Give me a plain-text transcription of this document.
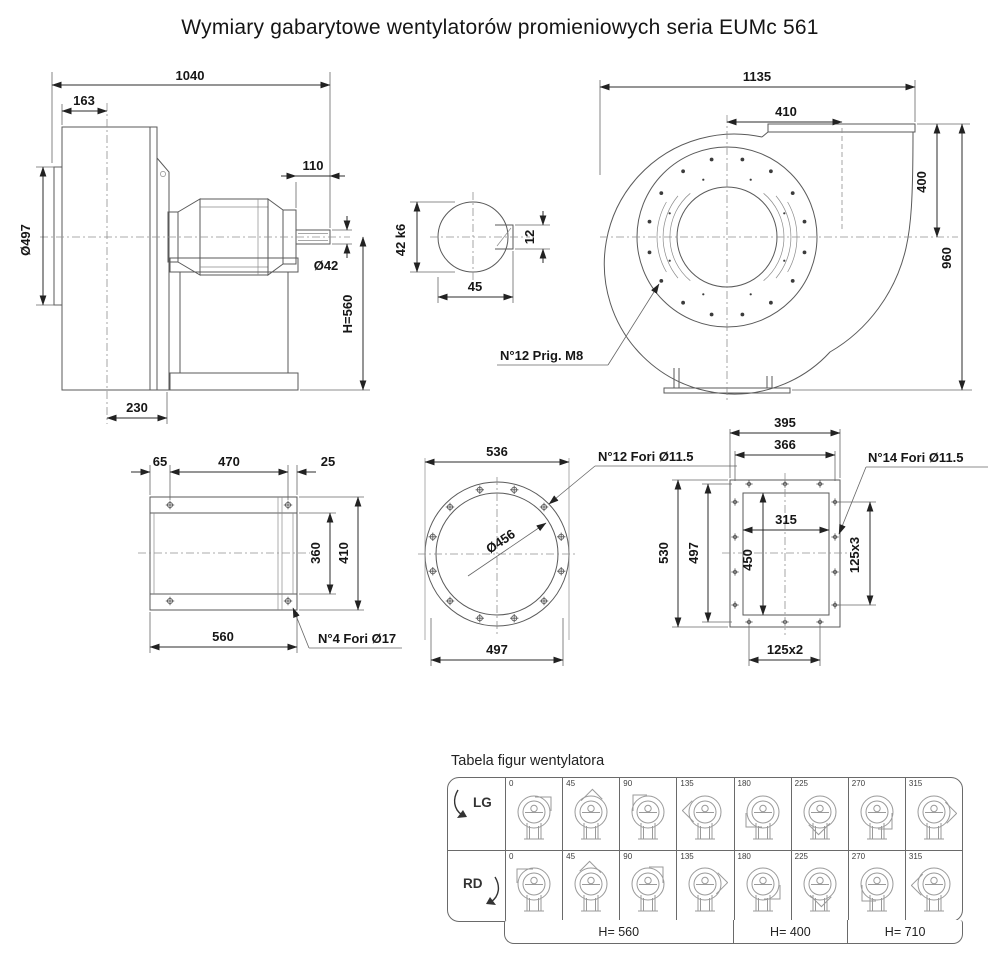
Wymiary gabarytowe wentylatorów promieniowych seria EUMc 561
1040
163
110
Ø497
Ø42
H=560
230
42 k6	12
45
1135
410
400
960
N°12 Prig. M8
65	470	25
360 410
560	N°4 Fori Ø17
536
497
Ø456
N°12 Fori Ø11.5
395
366
315
530 497	450	125x3
125x2
N°14 Fori Ø11.5
Tabela figur wentylatora
LG
0	45	90	135	180	225	270	315
RD
0	45	90	135	180	225	270	315
H= 560	H= 400	H= 710
